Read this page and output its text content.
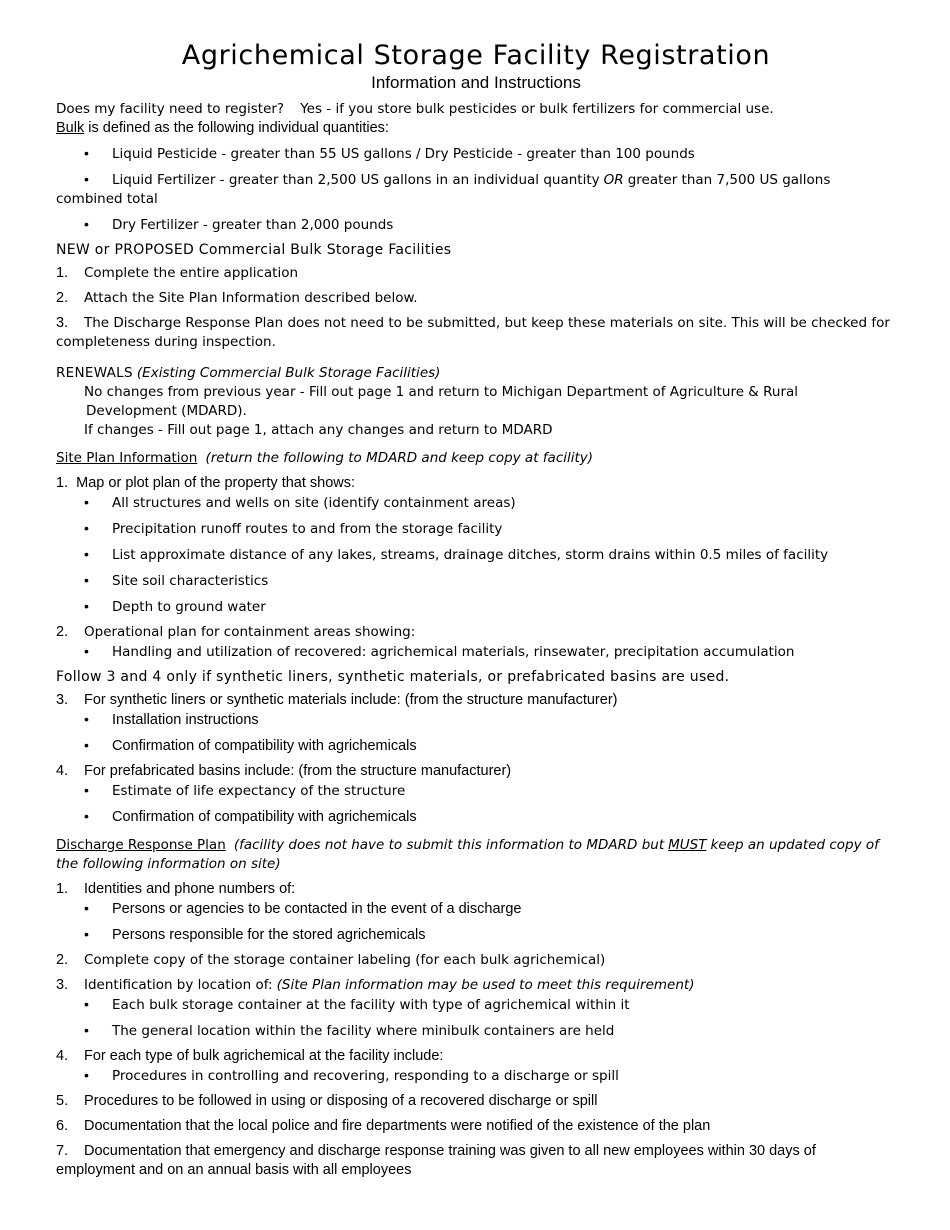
Agrichemical Storage Facility Registration
Information and Instructions

Does my facility need to register? Yes - if you store bulk pesticides or bulk fertilizers for commercial use.

Bulk is defined as the following individual quantities:

• Liquid Pesticide - greater than 55 US gallons / Dry Pesticide - greater than 100 pounds
• Liquid Fertilizer - greater than 2,500 US gallons in an individual quantity OR greater than 7,500 US gallons combined total
• Dry Fertilizer - greater than 2,000 pounds
NEW or PROPOSED Commercial Bulk Storage Facilities
1. Complete the entire application
2. Attach the Site Plan Information described below.
3. The Discharge Response Plan does not need to be submitted, but keep these materials on site. This will be checked for completeness during inspection.

RENEWALS (Existing Commercial Bulk Storage Facilities)

No changes from previous year - Fill out page 1 and return to Michigan Department of Agriculture & Rural

Development (MDARD).

If changes - Fill out page 1, attach any changes and return to MDARD

Site Plan Information (return the following to MDARD and keep copy at facility)

1. Map or plot plan of the property that shows:

• All structures and wells on site (identify containment areas)
• Precipitation runoff routes to and from the storage facility
• List approximate distance of any lakes, streams, drainage ditches, storm drains within 0.5 miles of facility
• Site soil characteristics
• Depth to ground water
2. Operational plan for containment areas showing:
• Handling and utilization of recovered: agrichemical materials, rinsewater, precipitation accumulation
Follow 3 and 4 only if synthetic liners, synthetic materials, or prefabricated basins are used.
3. For synthetic liners or synthetic materials include: (from the structure manufacturer)
• Installation instructions
• Confirmation of compatibility with agrichemicals
4. For prefabricated basins include: (from the structure manufacturer)
• Estimate of life expectancy of the structure
• Confirmation of compatibility with agrichemicals

Discharge Response Plan (facility does not have to submit this information to MDARD but MUST keep an updated copy of the following information on site)

1. Identities and phone numbers of:
• Persons or agencies to be contacted in the event of a discharge
• Persons responsible for the stored agrichemicals
2. Complete copy of the storage container labeling (for each bulk agrichemical)
3. Identification by location of: (Site Plan information may be used to meet this requirement)
• Each bulk storage container at the facility with type of agrichemical within it
• The general location within the facility where minibulk containers are held
4. For each type of bulk agrichemical at the facility include:
• Procedures in controlling and recovering, responding to a discharge or spill
5. Procedures to be followed in using or disposing of a recovered discharge or spill
6. Documentation that the local police and fire departments were notified of the existence of the plan
7. Documentation that emergency and discharge response training was given to all new employees within 30 days of employment and on an annual basis with all employees
